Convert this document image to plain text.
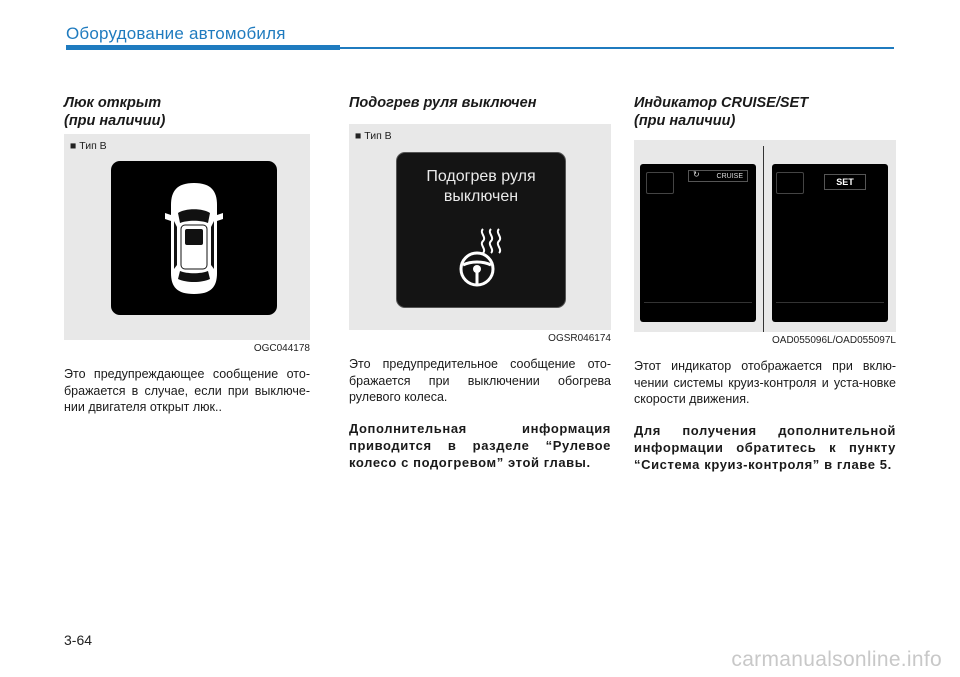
Оборудование автомобиля
Люк открыт
(при наличии)
■ Тип В
OGC044178

Это предупреждающее сообщение ото-бражается в случае, если при выключе-нии двигателя открыт люк..

Подогрев руля выключен
■ Тип В
Подогрев руля
выключен
OGSR046174

Это предупредительное сообщение ото-бражается при выключении обогрева рулевого колеса.

Дополнительная информация приводится в разделе “Рулевое колесо с подогревом” этой главы.

Индикатор CRUISE/SET
(при наличии)
↻ CRUISE
SET
OAD055096L/OAD055097L

Этот индикатор отображается при вклю-чении системы круиз-контроля и уста-новке скорости движения.

Для получения дополнительной информации обратитесь к пункту “Система круиз-контроля” в главе 5.

3-64
carmanualsonline.info
